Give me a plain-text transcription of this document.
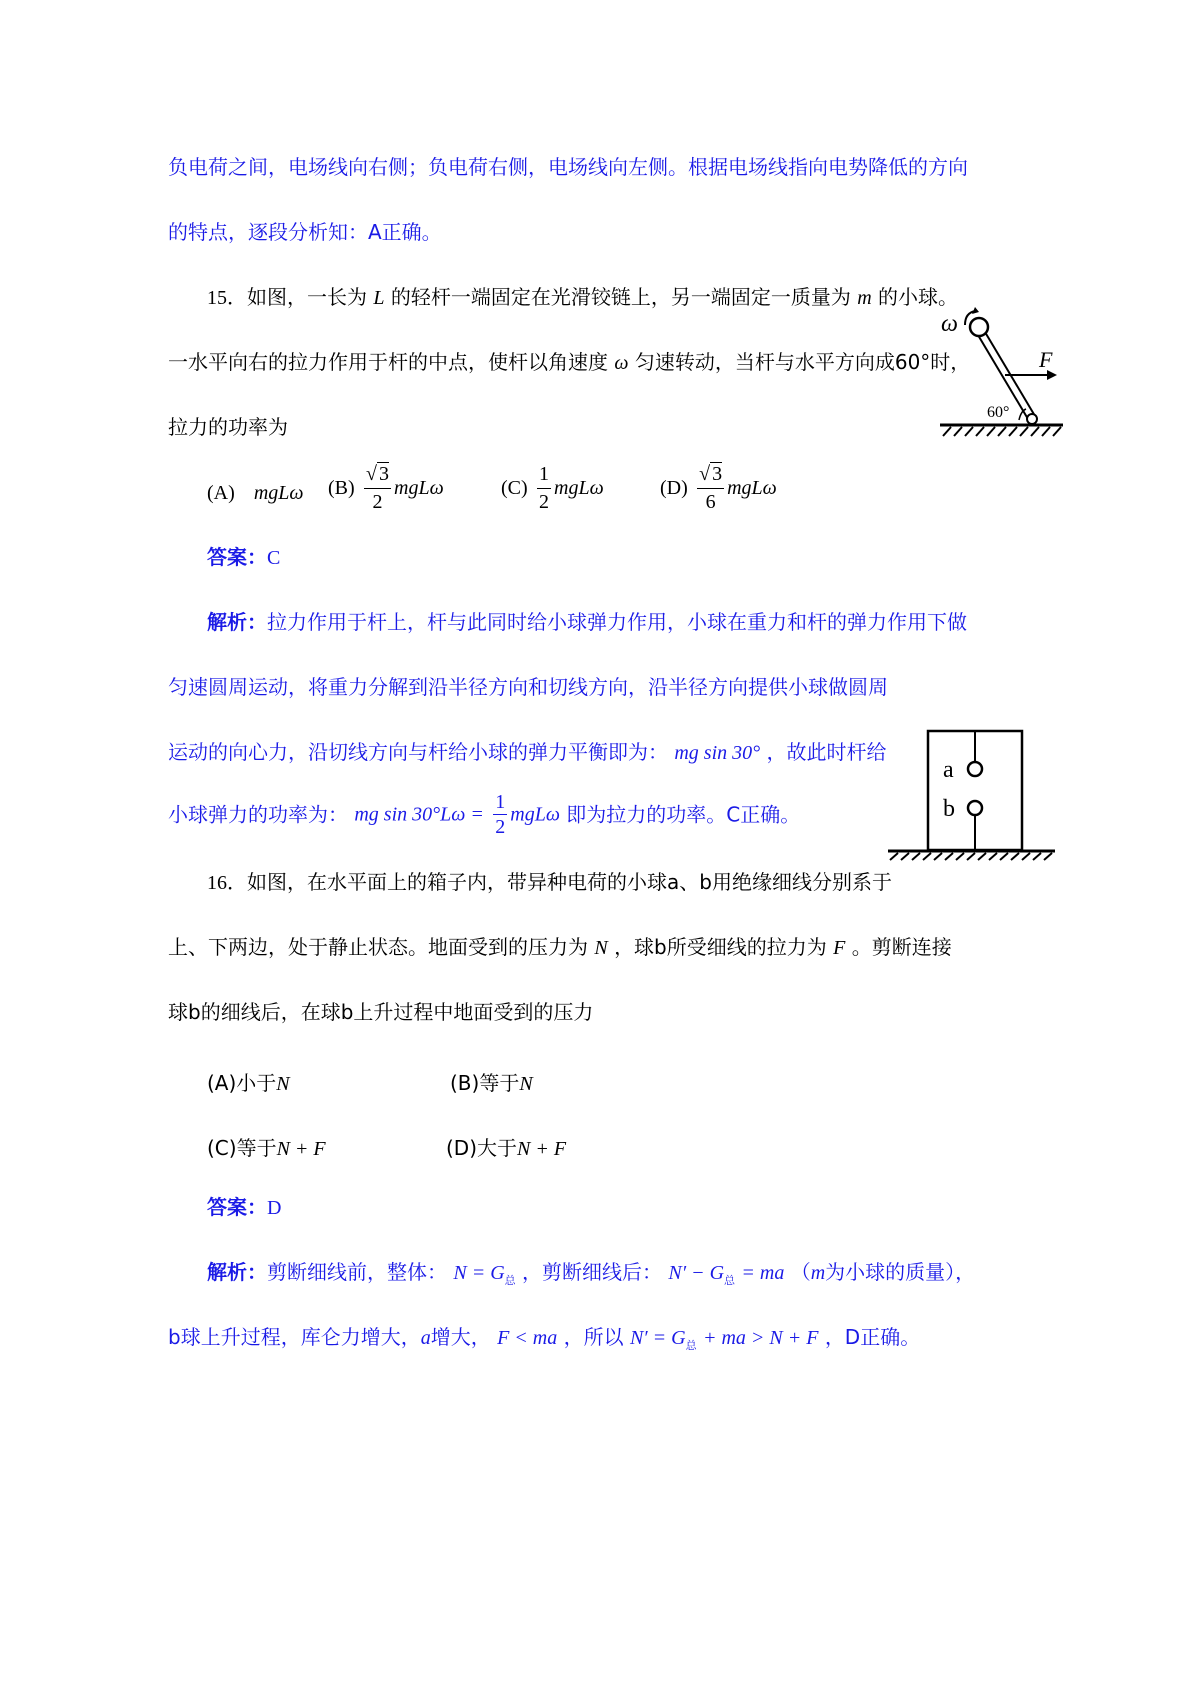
负电荷之间，电场线向右侧；负电荷右侧，电场线向左侧。根据电场线指向电势降低的方向
的特点，逐段分析知：A正确。
15．如图，一长为 L 的轻杆一端固定在光滑铰链上，另一端固定一质量为 m 的小球。
一水平向右的拉力作用于杆的中点，使杆以角速度 ω 匀速转动，当杆与水平方向成60°时，
拉力的功率为
(A) mgLω $(B) \frac{√ 3}{2}$ mgLω	$(C) \frac{1}{2}$ mgLω	$(D) \frac{√ 3}{6}$ mgLω
答案：C
解析：拉力作用于杆上，杆与此同时给小球弹力作用，小球在重力和杆的弹力作用下做
匀速圆周运动，将重力分解到沿半径方向和切线方向，沿半径方向提供小球做圆周
运动的向心力，沿切线方向与杆给小球的弹力平衡即为： mg sin 30° ，故此时杆给
小球弹力的功率为： mg $\sin 30^\circ L\omega = \frac{1}{2}$ mgLω 即为拉力的功率。C正确。
ω
F
60°
16．如图，在水平面上的箱子内，带异种电荷的小球a、b用绝缘细线分别系于
上、下两边，处于静止状态。地面受到的压力为 N ，球b所受细线的拉力为 F 。剪断连接
球b的细线后，在球b上升过程中地面受到的压力
(A)小于N	(B)等于N
(C)等于N + F	(D)大于N + F
答案：D
解析：剪断细线前，整体： $N = G_总$ ，剪断细线后： $N' - G_总$ = ma （m为小球的质量），
b球上升过程，库仑力增大，a增大， F < ma ，所以 $N' = G_总$ + ma > N + F ，D正确。
a
b
